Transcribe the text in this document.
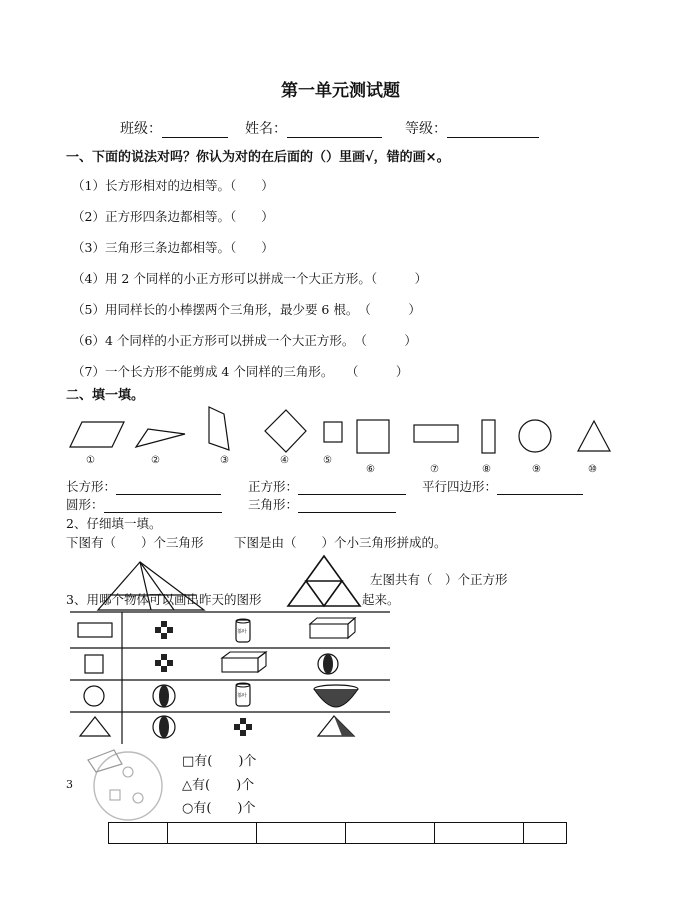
第一单元测试题
班级：	姓名：	等级：
一、下面的说法对吗？你认为对的在后面的（）里画√，错的画×。
（1）长方形相对的边相等。（　　）
（2）正方形四条边都相等。（　　）
（3）三角形三条边都相等。（　　）
（4）用 2 个同样的小正方形可以拼成一个大正方形。（　　　）
（5）用同样长的小棒摆两个三角形，最少要 6 根。　（　　　）
（6）4 个同样的小正方形可以拼成一个大正方形。　（　　　）
（7）一个长方形不能剪成 4 个同样的三角形。　　（　　　）
二、填一填。
①	②	③	④	⑤
⑥	⑦	⑧	⑨	⑩
长方形：	正方形：	平行四边形：
圆形：	三角形：
2、仔细填一填。
下图有（　　）个三角形 下图是由（　　）个小三角形拼成的。
左图共有（　）个正方形
3、用哪个物体可以画出昨天的图形	起来。
茶叶
茶叶
3
□有(　　)个
△有(　　)个
○有(　　)个
